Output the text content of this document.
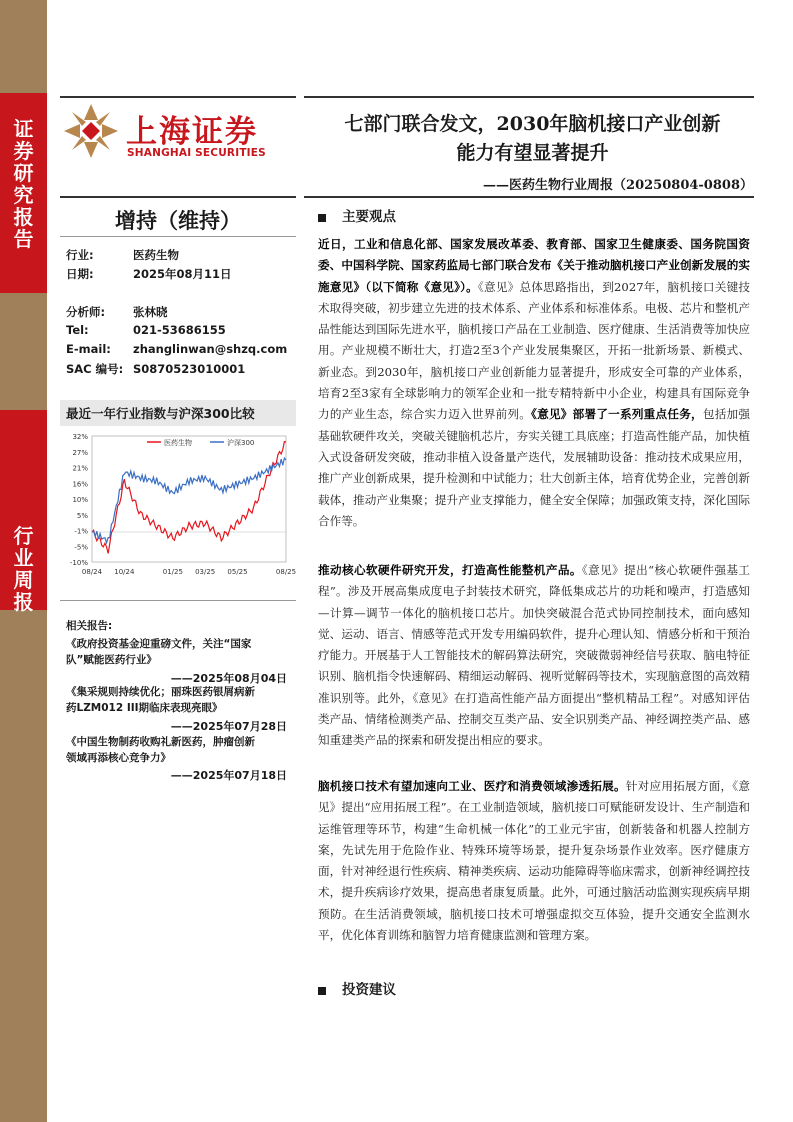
证
券
研
究
报
告
行
业
周
报
上海证券
SHANGHAI SECURITIES
七部门联合发文，2030年脑机接口产业创新
能力有望显著提升
——医药生物行业周报（20250804-0808）
增持（维持）
行业:	医药生物
日期:	2025年08月11日
分析师: 张林晓
Tel:	021-53686155
E-mail: zhanglinwan@shzq.com
SAC 编号: S0870523010001
最近一年行业指数与沪深300比较
32%
27%
21%
16%
10%
5%
-1%
-5%
-10%
08/24 10/24	01/25 03/25 05/25	08/25
医药生物	沪深300
相关报告:
《政府投资基金迎重磅文件，关注“国家
队”赋能医药行业》
——2025年08月04日
《集采规则持续优化；丽珠医药银屑病新
药LZM012 III期临床表现亮眼》
——2025年07月28日
《中国生物制药收购礼新医药，肿瘤创新
领域再添核心竞争力》
——2025年07月18日
主要观点
近日，工业和信息化部、国家发展改革委、教育部、国家卫生健康委、国务院国资委、中国科学院、国家药监局七部门联合发布《关于推动脑机接口产业创新发展的实施意见》（以下简称《意见》）。《意见》总体思路指出，到2027年，脑机接口关键技术取得突破，初步建立先进的技术体系、产业体系和标准体系。电极、芯片和整机产品性能达到国际先进水平，脑机接口产品在工业制造、医疗健康、生活消费等加快应用。产业规模不断壮大，打造2至3个产业发展集聚区，开拓一批新场景、新模式、新业态。到2030年，脑机接口产业创新能力显著提升，形成安全可靠的产业体系，培育2至3家有全球影响力的领军企业和一批专精特新中小企业，构建具有国际竞争力的产业生态，综合实力迈入世界前列。《意见》部署了一系列重点任务，包括加强基础软硬件攻关，突破关键脑机芯片，夯实关键工具底座；打造高性能产品，加快植入式设备研发突破，推动非植入设备量产迭代，发展辅助设备：推动技术成果应用，推广产业创新成果，提升检测和中试能力；壮大创新主体，培育优势企业，完善创新载体，推动产业集聚；提升产业支撑能力，健全安全保障；加强政策支持，深化国际合作等。
推动核心软硬件研究开发，打造高性能整机产品。《意见》提出“核心软硬件强基工程”。涉及开展高集成度电子封装技术研究，降低集成芯片的功耗和噪声，打造感知—计算—调节一体化的脑机接口芯片。加快突破混合范式协同控制技术，面向感知觉、运动、语言、情感等范式开发专用编码软件，提升心理认知、情感分析和干预治疗能力。开展基于人工智能技术的解码算法研究，突破微弱神经信号获取、脑电特征识别、脑机指令快速解码、精细运动解码、视听觉解码等技术，实现脑意图的高效精准识别等。此外，《意见》在打造高性能产品方面提出“整机精品工程”。对感知评估类产品、情绪检测类产品、控制交互类产品、安全识别类产品、神经调控类产品、感知重建类产品的探索和研发提出相应的要求。
脑机接口技术有望加速向工业、医疗和消费领域渗透拓展。针对应用拓展方面，《意见》提出“应用拓展工程”。在工业制造领域，脑机接口可赋能研发设计、生产制造和运维管理等环节，构建“生命机械一体化”的工业元宇宙，创新装备和机器人控制方案，先试先用于危险作业、特殊环境等场景，提升复杂场景作业效率。医疗健康方面，针对神经退行性疾病、精神类疾病、运动功能障碍等临床需求，创新神经调控技术，提升疾病诊疗效果，提高患者康复质量。此外，可通过脑活动监测实现疾病早期预防。在生活消费领域，脑机接口技术可增强虚拟交互体验，提升交通安全监测水平，优化体育训练和脑智力培育健康监测和管理方案。
投资建议
